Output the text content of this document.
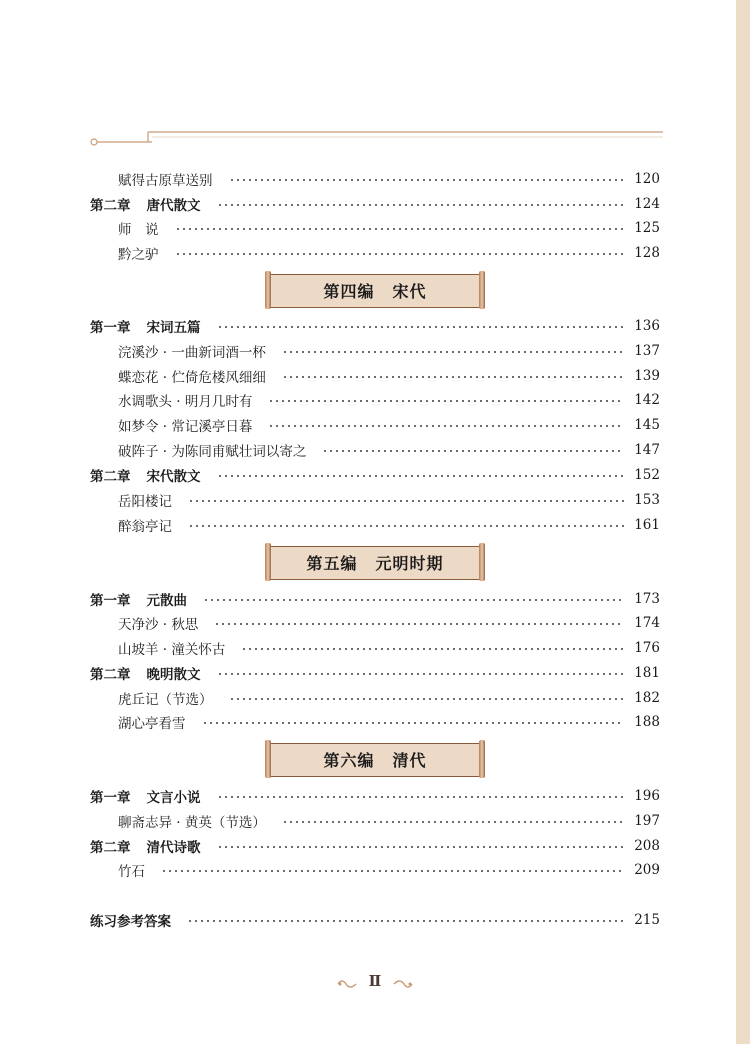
赋得古原草送别	120
第二章 唐代散文	124
师　说	125
黔之驴	128
第四编 宋代
第一章 宋词五篇	136
浣溪沙 · 一曲新词酒一杯	137
蝶恋花 · 伫倚危楼风细细	139
水调歌头 · 明月几时有	142
如梦令 · 常记溪亭日暮	145
破阵子 · 为陈同甫赋壮词以寄之	147
第二章 宋代散文	152
岳阳楼记	153
醉翁亭记	161
第五编 元明时期
第一章 元散曲	173
天净沙 · 秋思	174
山坡羊 · 潼关怀古	176
第二章 晚明散文	181
虎丘记（节选）	182
湖心亭看雪	188
第六编 清代
第一章 文言小说	196
聊斋志异 · 黄英（节选）	197
第二章 清代诗歌	208
竹石	209
练习参考答案	215
Ⅱ
